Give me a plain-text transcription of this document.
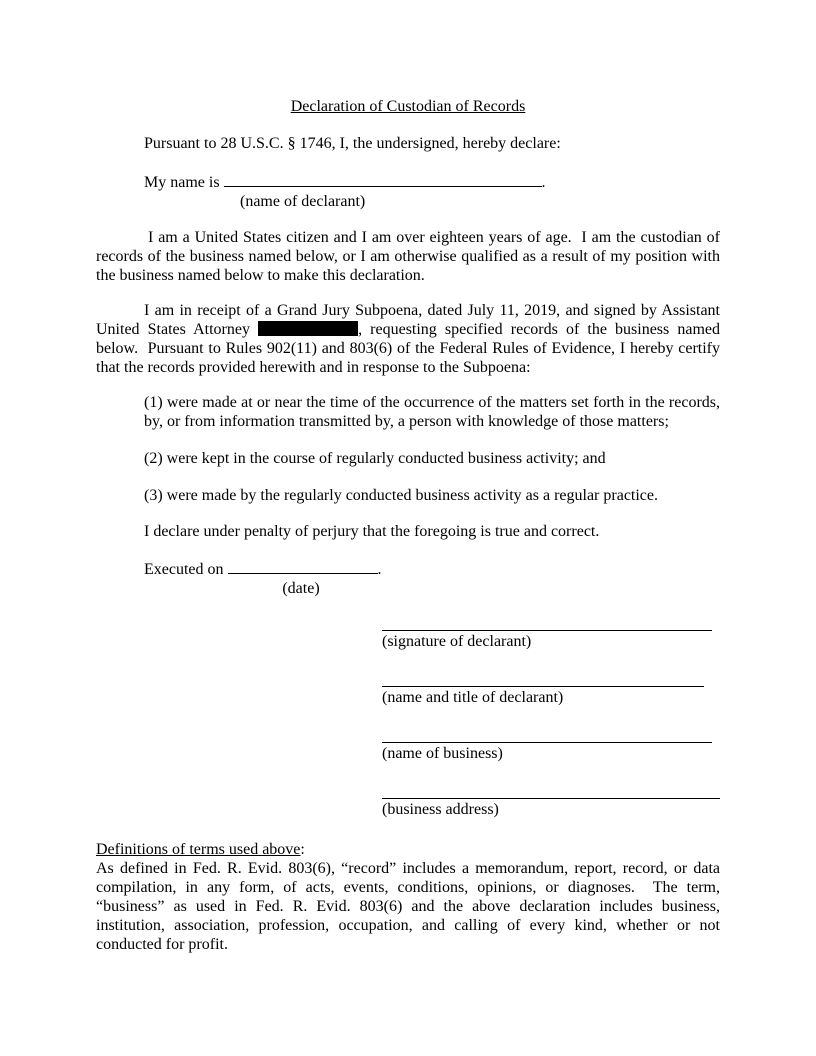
Declaration of Custodian of Records

Pursuant to 28 U.S.C. § 1746, I, the undersigned, hereby declare:

My name is	.

(name of declarant)

I am a United States citizen and I am over eighteen years of age.  I am the custodian of records of the business named below, or I am otherwise qualified as a result of my position with the business named below to make this declaration.

I am in receipt of a Grand Jury Subpoena, dated July 11, 2019, and signed by Assistant United States Attorney	, requesting specified records of the business named below.  Pursuant to Rules 902(11) and 803(6) of the Federal Rules of Evidence, I hereby certify that the records provided herewith and in response to the Subpoena:

(1) were made at or near the time of the occurrence of the matters set forth in the records, by, or from information transmitted by, a person with knowledge of those matters;

(2) were kept in the course of regularly conducted business activity; and

(3) were made by the regularly conducted business activity as a regular practice.

I declare under penalty of perjury that the foregoing is true and correct.

Executed on	.

(date)
(signature of declarant)
(name and title of declarant)
(name of business)
(business address)
Definitions of terms used above:

As defined in Fed. R. Evid. 803(6), “record” includes a memorandum, report, record, or data compilation, in any form, of acts, events, conditions, opinions, or diagnoses.  The term, “business” as used in Fed. R. Evid. 803(6) and the above declaration includes business, institution, association, profession, occupation, and calling of every kind, whether or not conducted for profit.
